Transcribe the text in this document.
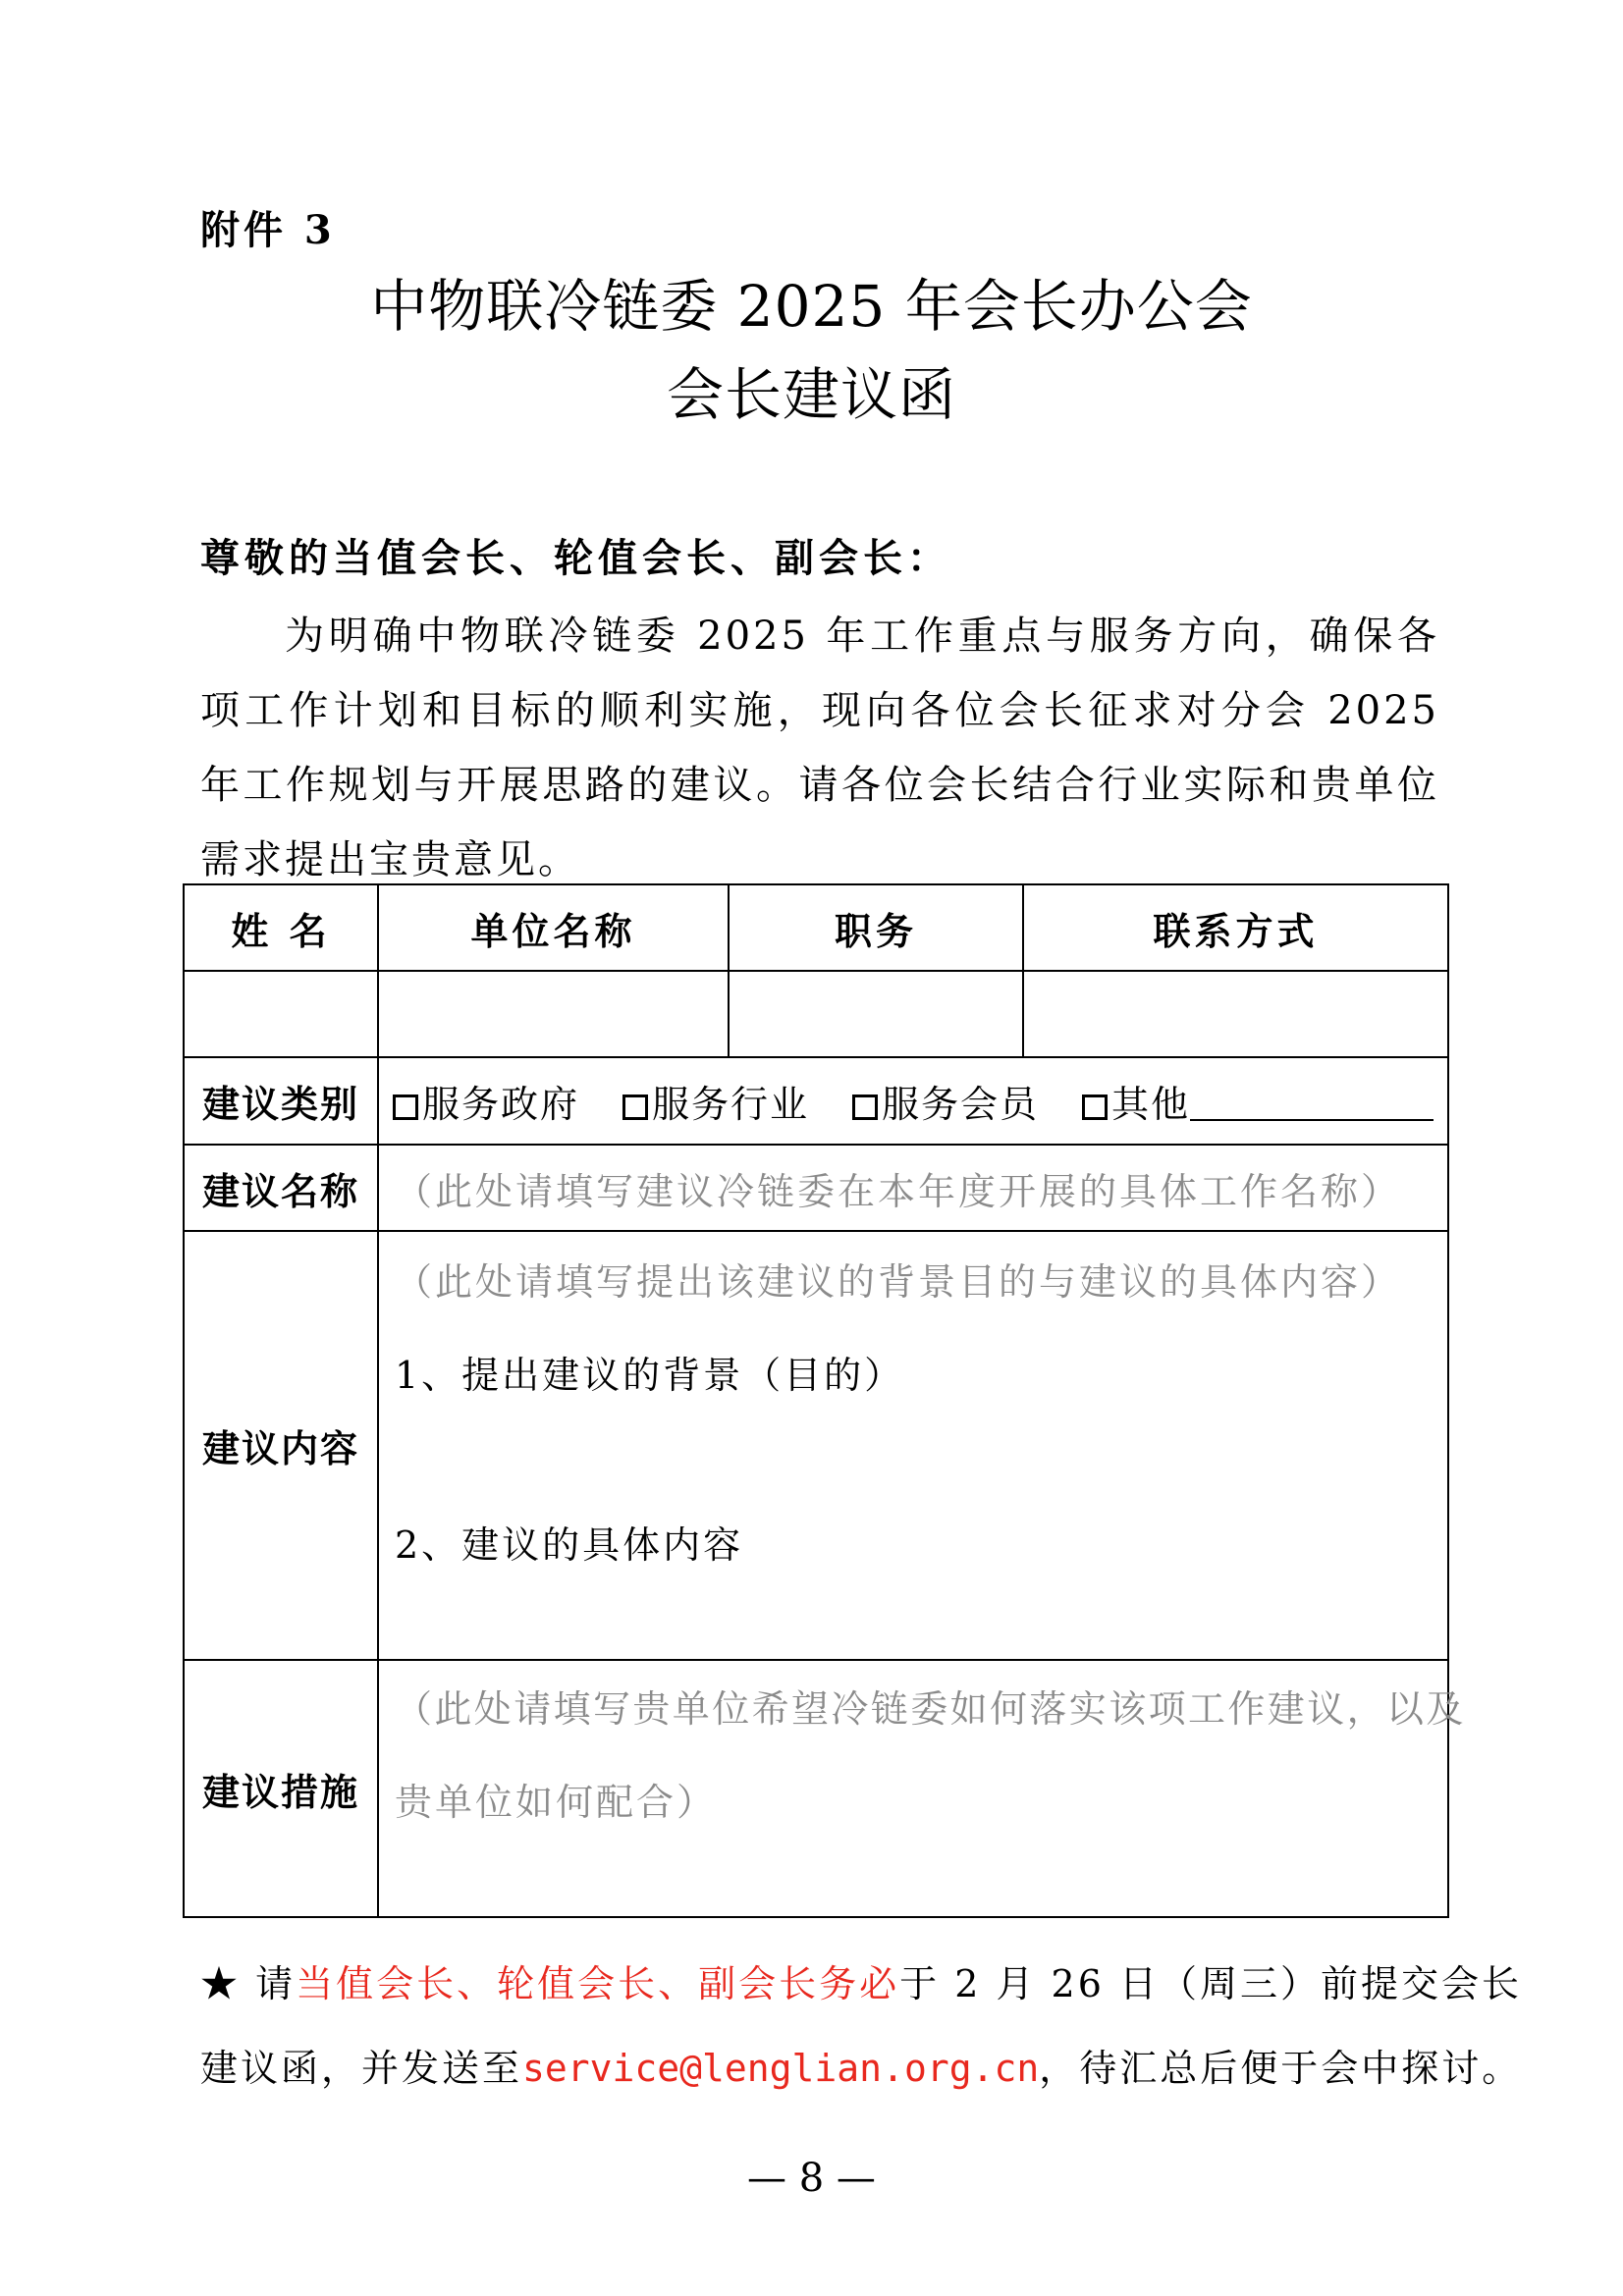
附件 3
中物联冷链委 2025 年会长办公会
会长建议函
尊敬的当值会长、轮值会长、副会长：
为明确中物联冷链委 2025 年工作重点与服务方向，确保各项工作计划和目标的顺利实施，现向各位会长征求对分会 2025 年工作规划与开展思路的建议。请各位会长结合行业实际和贵单位需求提出宝贵意见。
姓 名	单位名称	职务	联系方式

建议类别	服务政府 服务行业 服务会员 其他		
建议名称	（此处请填写建议冷链委在本年度开展的具体工作名称）		
建议内容	（此处请填写提出该建议的背景目的与建议的具体内容）
1、提出建议的背景（目的）
2、建议的具体内容		

建议措施	（此处请填写贵单位希望冷链委如何落实该项工作建议，以及
贵单位如何配合）		
★ 请当值会长、轮值会长、副会长务必于 2 月 26 日（周三）前提交会长
建议函，并发送至service@lenglian.org.cn，待汇总后便于会中探讨。
— 8 —
